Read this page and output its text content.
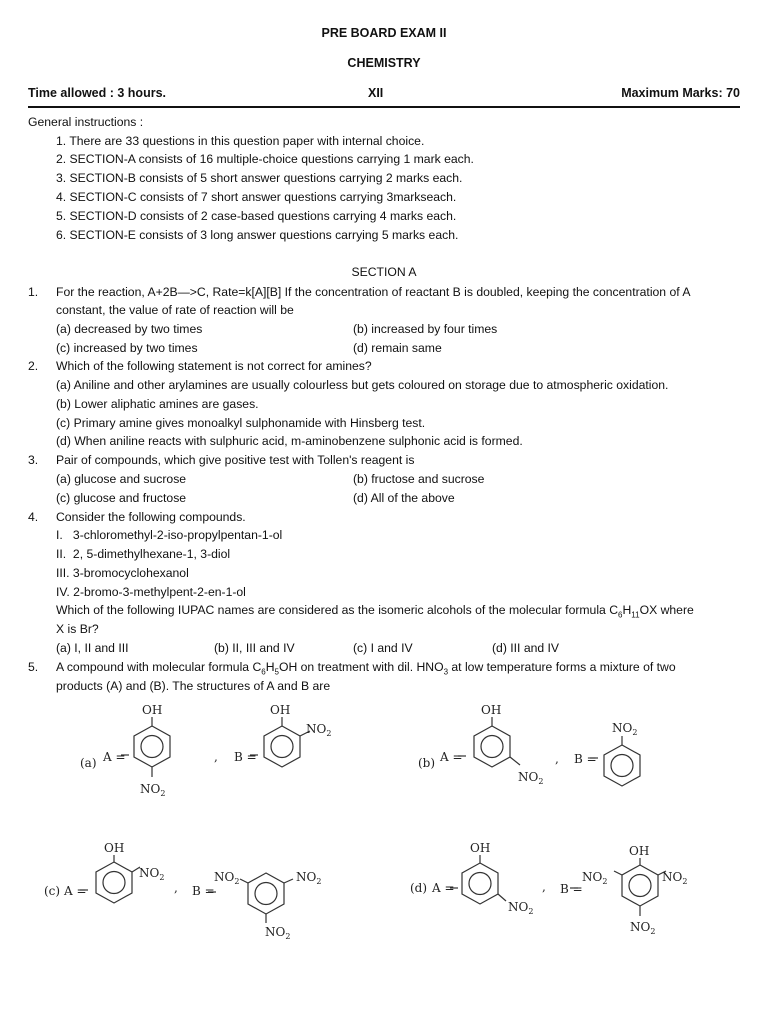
PRE BOARD EXAM II
CHEMISTRY
Time allowed : 3 hours.	XII	Maximum Marks: 70
General instructions :
1. There are 33 questions in this question paper with internal choice.
2. SECTION-A consists of 16 multiple-choice questions carrying 1 mark each.
3. SECTION-B consists of 5 short answer questions carrying 2 marks each.
4. SECTION-C consists of 7 short answer questions carrying 3markseach.
5. SECTION-D consists of 2 case-based questions carrying 4 marks each.
6. SECTION-E consists of 3 long answer questions carrying 5 marks each.
SECTION A
1. For the reaction, A+2B—>C, Rate=k[A][B] If the concentration of reactant B is doubled, keeping the concentration of A
constant, the value of rate of reaction will be
(a) decreased by two times	(b) increased by four times
(c) increased by two times	(d) remain same
2. Which of the following statement is not correct for amines?
(a) Aniline and other arylamines are usually colourless but gets coloured on storage due to atmospheric oxidation.
(b) Lower aliphatic amines are gases.
(c) Primary amine gives monoalkyl sulphonamide with Hinsberg test.
(d) When aniline reacts with sulphuric acid, m-aminobenzene sulphonic acid is formed.
3. Pair of compounds, which give positive test with Tollen's reagent is
(a) glucose and sucrose	(b) fructose and sucrose
(c) glucose and fructose	(d) All of the above
4. Consider the following compounds.
I.   3-chloromethyl-2-iso-propylpentan-1-ol
II.  2, 5-dimethylhexane-1, 3-diol
III. 3-bromocyclohexanol
IV. 2-bromo-3-methylpent-2-en-1-ol
Which of the following IUPAC names are considered as the isomeric alcohols of the molecular formula $C_6H_{11}OX$ where
X is Br?
(a) I, II and III	(b) II, III and IV	(c) I and IV	(d) III and IV
5. A compound with molecular formula $C_6H_5OH$ on treatment with dil. $HNO_3$ at low temperature forms a mixture of two
products (A) and (B). The structures of A and B are
(a) A =
OH
$NO_2$
, B =
OH
$NO_2$
(b) A =
OH
$NO_2$
, B =
$NO_2$
(c) A =
OH
$NO_2$
, B =
$NO_2$	$NO_2$
$NO_2$
(d) A =
OH
$NO_2$
, B =
OH
$NO_2$	$NO_2$
$NO_2$
